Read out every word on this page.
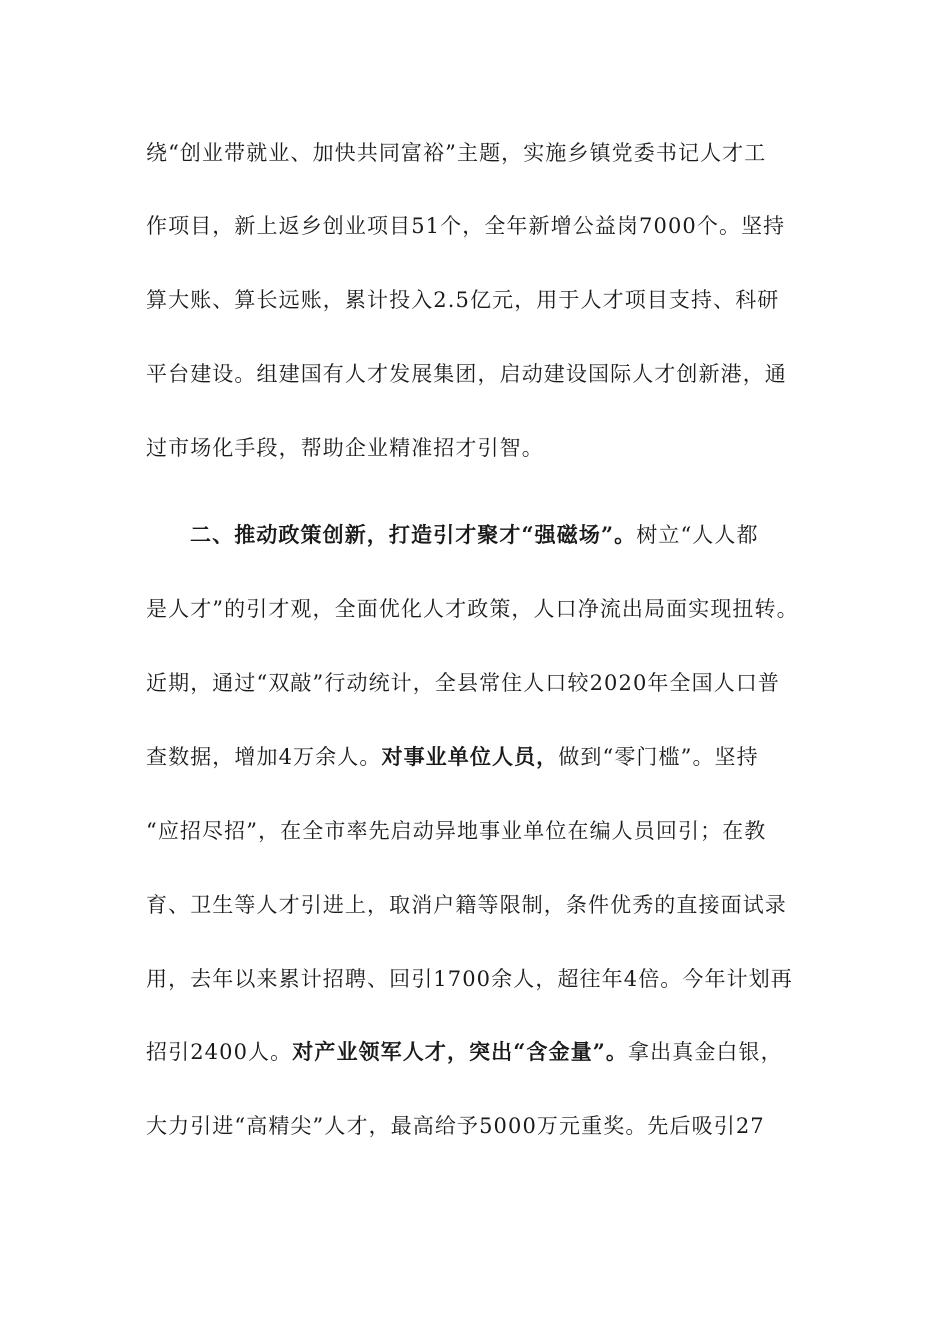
绕“创业带就业、加快共同富裕”主题，实施乡镇党委书记人才工
作项目，新上返乡创业项目51个，全年新增公益岗7000个。坚持
算大账、算长远账，累计投入2.5亿元，用于人才项目支持、科研
平台建设。组建国有人才发展集团，启动建设国际人才创新港，通
过市场化手段，帮助企业精准招才引智。
二、推动政策创新，打造引才聚才“强磁场”。树立“人人都
是人才”的引才观，全面优化人才政策，人口净流出局面实现扭转。
近期，通过“双敲”行动统计，全县常住人口较2020年全国人口普
查数据，增加4万余人。对事业单位人员，做到“零门槛”。坚持
“应招尽招”，在全市率先启动异地事业单位在编人员回引；在教
育、卫生等人才引进上，取消户籍等限制，条件优秀的直接面试录
用，去年以来累计招聘、回引1700余人，超往年4倍。今年计划再
招引2400人。对产业领军人才，突出“含金量”。拿出真金白银，
大力引进“高精尖”人才，最高给予5000万元重奖。先后吸引27
